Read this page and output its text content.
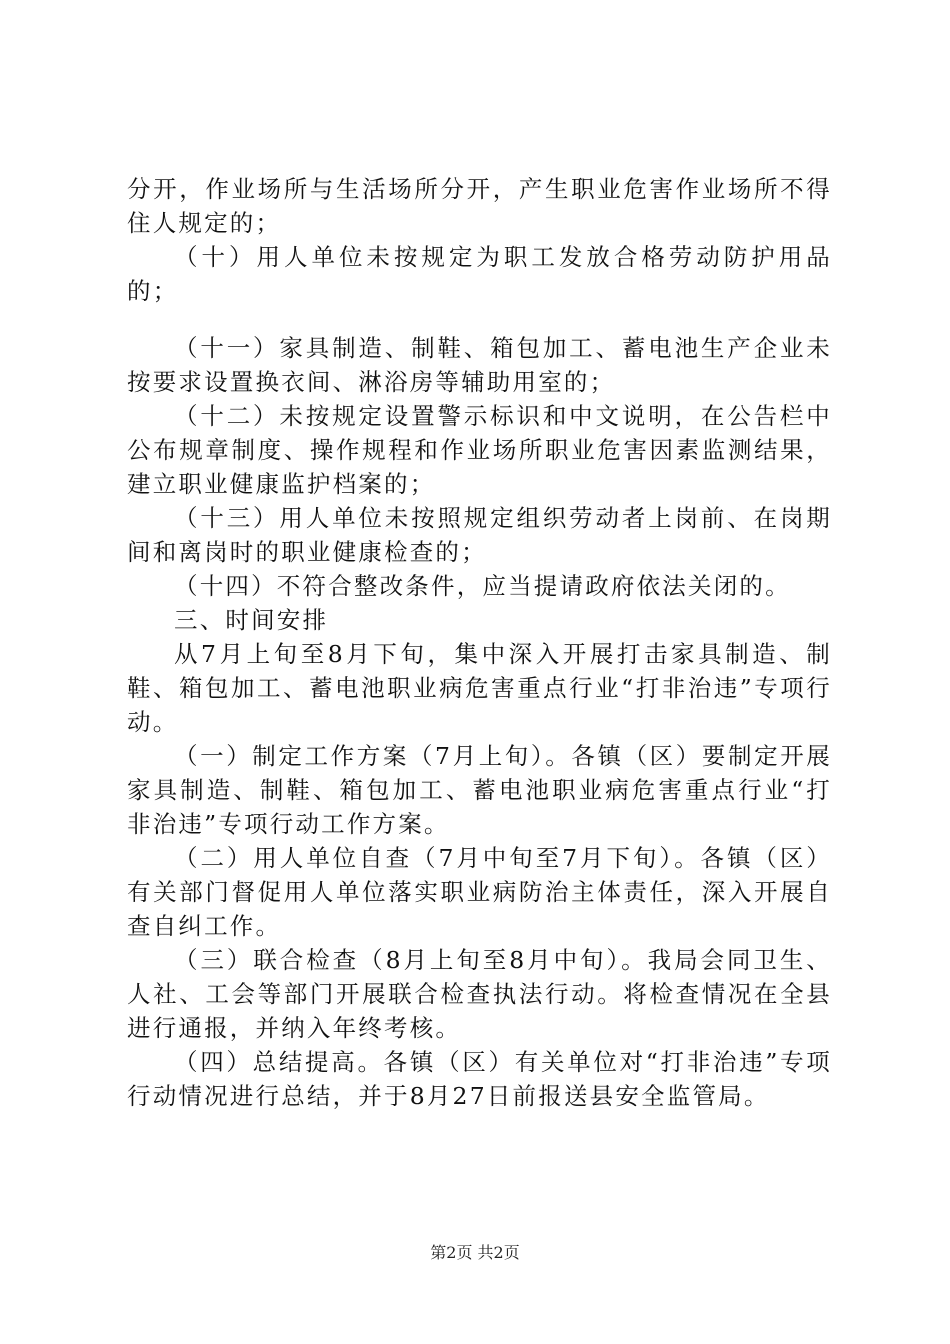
分开，作业场所与生活场所分开，产生职业危害作业场所不得住人规定的；

（十）用人单位未按规定为职工发放合格劳动防护用品的；

（十一）家具制造、制鞋、箱包加工、蓄电池生产企业未按要求设置换衣间、淋浴房等辅助用室的；

（十二）未按规定设置警示标识和中文说明，在公告栏中公布规章制度、操作规程和作业场所职业危害因素监测结果，建立职业健康监护档案的；

（十三）用人单位未按照规定组织劳动者上岗前、在岗期间和离岗时的职业健康检查的；

（十四）不符合整改条件，应当提请政府依法关闭的。

三、时间安排

从7月上旬至8月下旬，集中深入开展打击家具制造、制鞋、箱包加工、蓄电池职业病危害重点行业“打非治违”专项行动。

（一）制定工作方案（7月上旬）。各镇（区）要制定开展家具制造、制鞋、箱包加工、蓄电池职业病危害重点行业“打非治违”专项行动工作方案。

（二）用人单位自查（7月中旬至7月下旬）。各镇（区）有关部门督促用人单位落实职业病防治主体责任，深入开展自查自纠工作。

（三）联合检查（8月上旬至8月中旬）。我局会同卫生、人社、工会等部门开展联合检查执法行动。将检查情况在全县进行通报，并纳入年终考核。

（四）总结提高。各镇（区）有关单位对“打非治违”专项行动情况进行总结，并于8月27日前报送县安全监管局。

第2页 共2页
